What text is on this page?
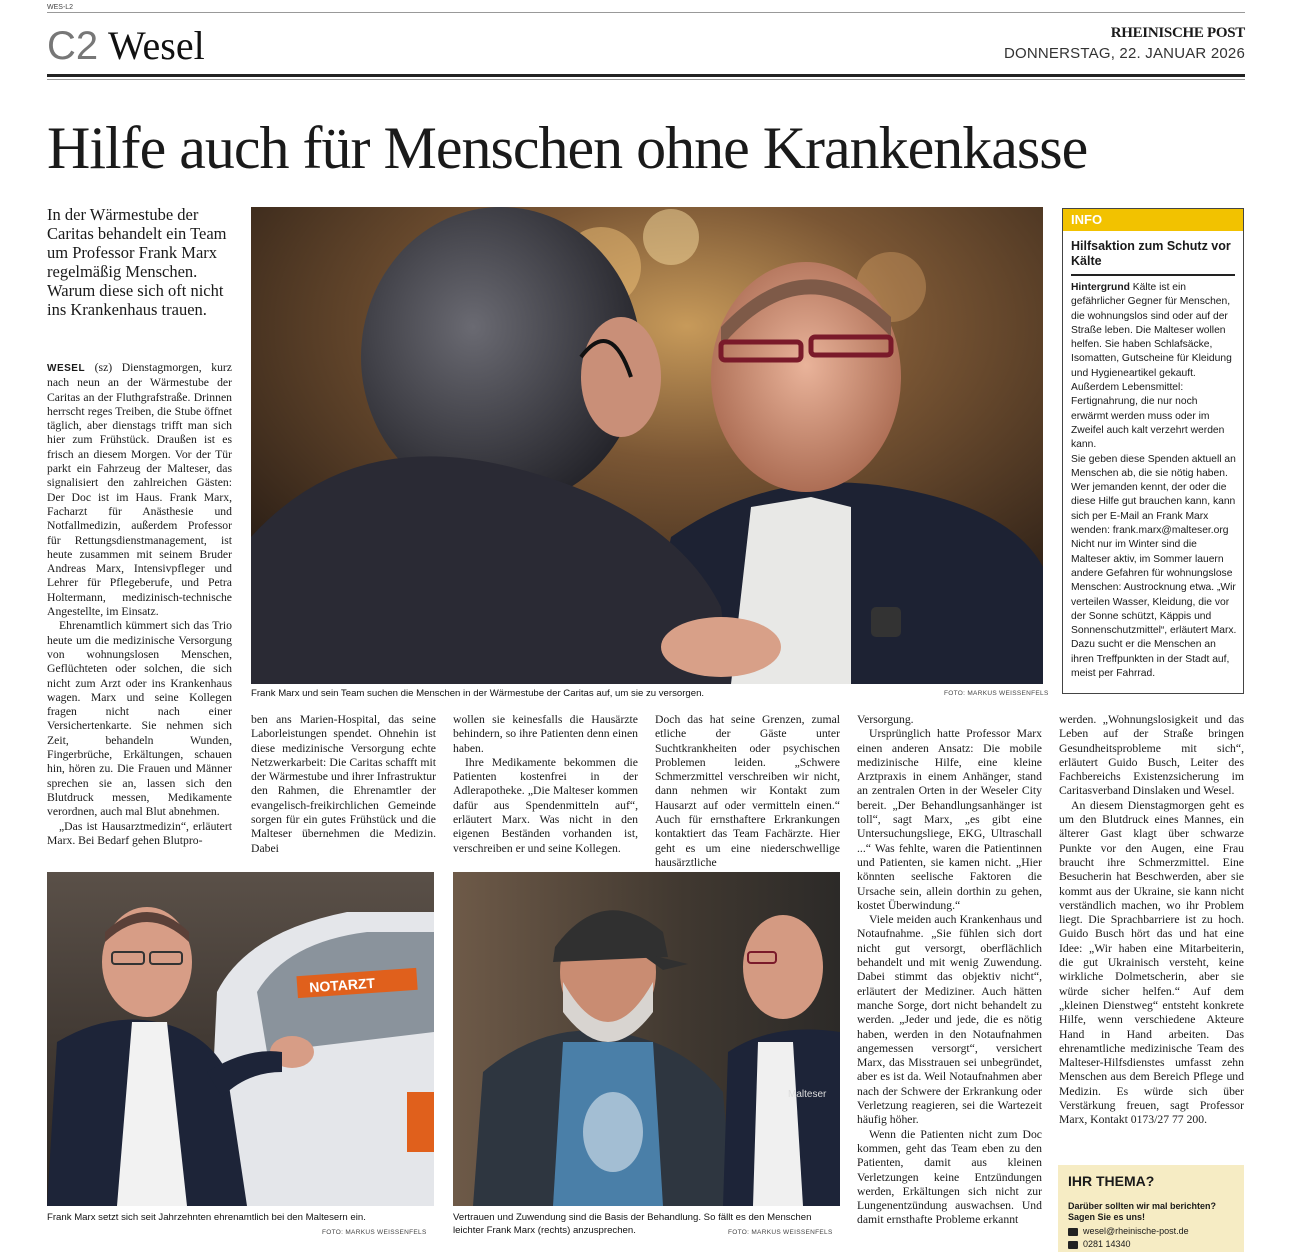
WES-L2
C2 Wesel	RHEINISCHE POST
DONNERSTAG, 22. JANUAR 2026
Hilfe auch für Menschen ohne Krankenkasse
In der Wärmestube der Caritas behandelt ein Team um Professor Frank Marx regelmäßig Menschen. Warum diese sich oft nicht ins Krankenhaus trauen.

WESEL (sz) Dienstagmorgen, kurz nach neun an der Wärmestube der Caritas an der Fluthgrafstraße. Drinnen herrscht reges Treiben, die Stube öffnet täglich, aber dienstags trifft man sich hier zum Frühstück. Draußen ist es frisch an diesem Morgen. Vor der Tür parkt ein Fahrzeug der Malteser, das signalisiert den zahlreichen Gästen: Der Doc ist im Haus. Frank Marx, Facharzt für Anästhesie und Notfallmedizin, außerdem Professor für Rettungsdienstmanagement, ist heute zusammen mit seinem Bruder Andreas Marx, Intensivpfleger und Lehrer für Pflegeberufe, und Petra Holtermann, medizinisch-technische Angestellte, im Einsatz.

Ehrenamtlich kümmert sich das Trio heute um die medizinische Versorgung von wohnungslosen Menschen, Geflüchteten oder solchen, die sich nicht zum Arzt oder ins Krankenhaus wagen. Marx und seine Kollegen fragen nicht nach einer Versichertenkarte. Sie nehmen sich Zeit, behandeln Wunden, Fingerbrüche, Erkältungen, schauen hin, hören zu. Die Frauen und Männer sprechen sie an, lassen sich den Blutdruck messen, Medikamente verordnen, auch mal Blut abnehmen.

„Das ist Hausarztmedizin“, erläutert Marx. Bei Bedarf gehen Blutpro-

Frank Marx und sein Team suchen die Menschen in der Wärmestube der Caritas auf, um sie zu versorgen.	FOTO: MARKUS WEISSENFELS
INFO
Hilfsaktion zum Schutz vor Kälte

Hintergrund Kälte ist ein gefährlicher Gegner für Menschen, die wohnungslos sind oder auf der Straße leben. Die Malteser wollen helfen. Sie haben Schlafsäcke, Isomatten, Gutscheine für Kleidung und Hygieneartikel gekauft. Außerdem Lebensmittel: Fertignahrung, die nur noch erwärmt werden muss oder im Zweifel auch kalt verzehrt werden kann.

Sie geben diese Spenden aktuell an Menschen ab, die sie nötig haben. Wer jemanden kennt, der oder die diese Hilfe gut brauchen kann, kann sich per E-Mail an Frank Marx wenden: frank.marx@malteser.org

Nicht nur im Winter sind die Malteser aktiv, im Sommer lauern andere Gefahren für wohnungslose Menschen: Austrocknung etwa. „Wir verteilen Wasser, Kleidung, die vor der Sonne schützt, Käppis und Sonnenschutzmittel“, erläutert Marx. Dazu sucht er die Menschen an ihren Treffpunkten in der Stadt auf, meist per Fahrrad.

ben ans Marien-Hospital, das seine Laborleistungen spendet. Ohnehin ist diese medizinische Versorgung echte Netzwerkarbeit: Die Caritas schafft mit der Wärmestube und ihrer Infrastruktur den Rahmen, die Ehrenamtler der evangelisch-freikirchlichen Gemeinde sorgen für ein gutes Frühstück und die Malteser übernehmen die Medizin. Dabei

wollen sie keinesfalls die Hausärzte behindern, so ihre Patienten denn einen haben.

Ihre Medikamente bekommen die Patienten kostenfrei in der Adlerapotheke. „Die Malteser kommen dafür aus Spendenmitteln auf“, erläutert Marx. Was nicht in den eigenen Beständen vorhanden ist, verschreiben er und seine Kollegen.

Doch das hat seine Grenzen, zumal etliche der Gäste unter Suchtkrankheiten oder psychischen Problemen leiden. „Schwere Schmerzmittel verschreiben wir nicht, dann nehmen wir Kontakt zum Hausarzt auf oder vermitteln einen.“ Auch für ernsthaftere Erkrankungen kontaktiert das Team Fachärzte. Hier geht es um eine niederschwellige hausärztliche

Versorgung.

Ursprünglich hatte Professor Marx einen anderen Ansatz: Die mobile medizinische Hilfe, eine kleine Arztpraxis in einem Anhänger, stand an zentralen Orten in der Weseler City bereit. „Der Behandlungsanhänger ist toll“, sagt Marx, „es gibt eine Untersuchungsliege, EKG, Ultraschall ...“ Was fehlte, waren die Patientinnen und Patienten, sie kamen nicht. „Hier könnten seelische Faktoren die Ursache sein, allein dorthin zu gehen, kostet Überwindung.“

Viele meiden auch Krankenhaus und Notaufnahme. „Sie fühlen sich dort nicht gut versorgt, oberflächlich behandelt und mit wenig Zuwendung. Dabei stimmt das objektiv nicht“, erläutert der Mediziner. Auch hätten manche Sorge, dort nicht behandelt zu werden. „Jeder und jede, die es nötig haben, werden in den Notaufnahmen angemessen versorgt“, versichert Marx, das Misstrauen sei unbegründet, aber es ist da. Weil Notaufnahmen aber nach der Schwere der Erkrankung oder Verletzung reagieren, sei die Wartezeit häufig höher.

Wenn die Patienten nicht zum Doc kommen, geht das Team eben zu den Patienten, damit aus kleinen Verletzungen keine Entzündungen werden, Erkältungen sich nicht zur Lungenentzündung auswachsen. Und damit ernsthafte Probleme erkannt

werden. „Wohnungslosigkeit und das Leben auf der Straße bringen Gesundheitsprobleme mit sich“, erläutert Guido Busch, Leiter des Fachbereichs Existenzsicherung im Caritasverband Dinslaken und Wesel.

An diesem Dienstagmorgen geht es um den Blutdruck eines Mannes, ein älterer Gast klagt über schwarze Punkte vor den Augen, eine Frau braucht ihre Schmerzmittel. Eine Besucherin hat Beschwerden, aber sie kommt aus der Ukraine, sie kann nicht verständlich machen, wo ihr Problem liegt. Die Sprachbarriere ist zu hoch. Guido Busch hört das und hat eine Idee: „Wir haben eine Mitarbeiterin, die gut Ukrainisch versteht, keine wirkliche Dolmetscherin, aber sie würde sicher helfen.“ Auf dem „kleinen Dienstweg“ entsteht konkrete Hilfe, wenn verschiedene Akteure Hand in Hand arbeiten. Das ehrenamtliche medizinische Team des Malteser-Hilfsdienstes umfasst zehn Menschen aus dem Bereich Pflege und Medizin. Es würde sich über Verstärkung freuen, sagt Professor Marx, Kontakt 0173/27 77 200.

NOTARZT
Frank Marx setzt sich seit Jahrzehnten ehrenamtlich bei den Maltesern ein.
FOTO: MARKUS WEISSENFELS
Malteser
Vertrauen und Zuwendung sind die Basis der Behandlung. So fällt es den Menschen leichter Frank Marx (rechts) anzusprechen.	FOTO: MARKUS WEISSENFELS
IHR THEMA?
Darüber sollten wir mal berichten? Sagen Sie es uns!
wesel@rheinische-post.de
0281 14340
